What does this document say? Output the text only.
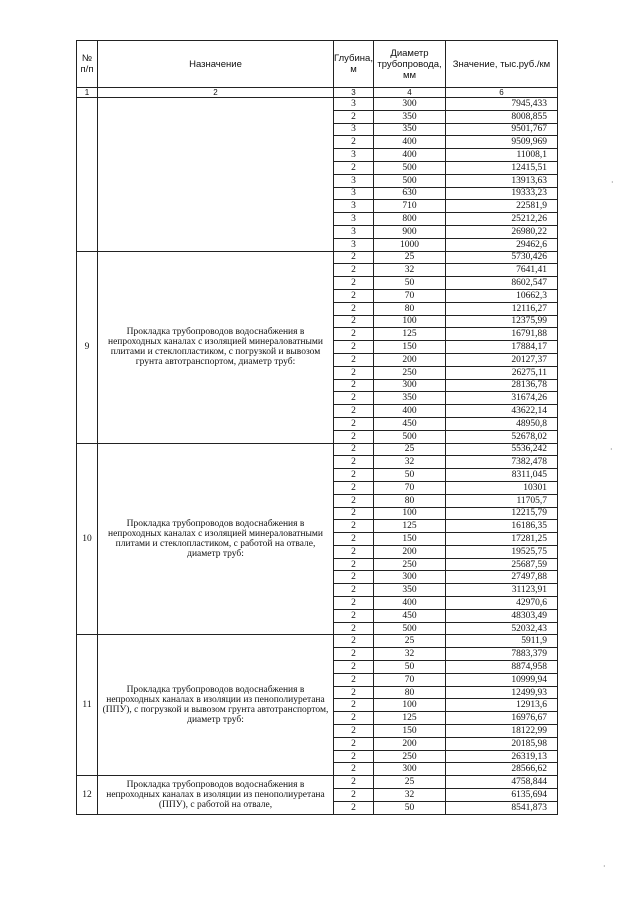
№ п/п	Назначение	Глубина, м	Диаметр трубопровода, мм	Значение, тыс.руб./км
1	2	3	4	6
		3	300	7945,433
		2	350	8008,855
		3	350	9501,767
		2	400	9509,969
		3	400	11008,1
		2	500	12415,51
		3	500	13913,63
		3	630	19333,23
		3	710	22581,9
		3	800	25212,26
		3	900	26980,22
		3	1000	29462,6
9	Прокладка трубопроводов водоснабжения в непроходных каналах с изоляцией минераловатными плитами и стеклопластиком, с погрузкой и вывозом грунта автотранспортом, диаметр труб:	2	25	5730,426
		2	32	7641,41
		2	50	8602,547
		2	70	10662,3
		2	80	12116,27
		2	100	12375,99
		2	125	16791,88
		2	150	17884,17
		2	200	20127,37
		2	250	26275,11
		2	300	28136,78
		2	350	31674,26
		2	400	43622,14
		2	450	48950,8
		2	500	52678,02
10	Прокладка трубопроводов водоснабжения в непроходных каналах с изоляцией минераловатными плитами и стеклопластиком, с работой на отвале, диаметр труб:	2	25	5536,242
		2	32	7382,478
		2	50	8311,045
		2	70	10301
		2	80	11705,7
		2	100	12215,79
		2	125	16186,35
		2	150	17281,25
		2	200	19525,75
		2	250	25687,59
		2	300	27497,88
		2	350	31123,91
		2	400	42970,6
		2	450	48303,49
		2	500	52032,43
11	Прокладка трубопроводов водоснабжения в непроходных каналах в изоляции из пенополиуретана (ППУ), с погрузкой и вывозом грунта автотранспортом, диаметр труб:	2	25	5911,9
		2	32	7883,379
		2	50	8874,958
		2	70	10999,94
		2	80	12499,93
		2	100	12913,6
		2	125	16976,67
		2	150	18122,99
		2	200	20185,98
		2	250	26319,13
		2	300	28566,62
12	Прокладка трубопроводов водоснабжения в непроходных каналах в изоляции из пенополиуретана (ППУ), с работой на отвале,	2	25	4758,844
		2	32	6135,694
		2	50	8541,873
·
·
·
